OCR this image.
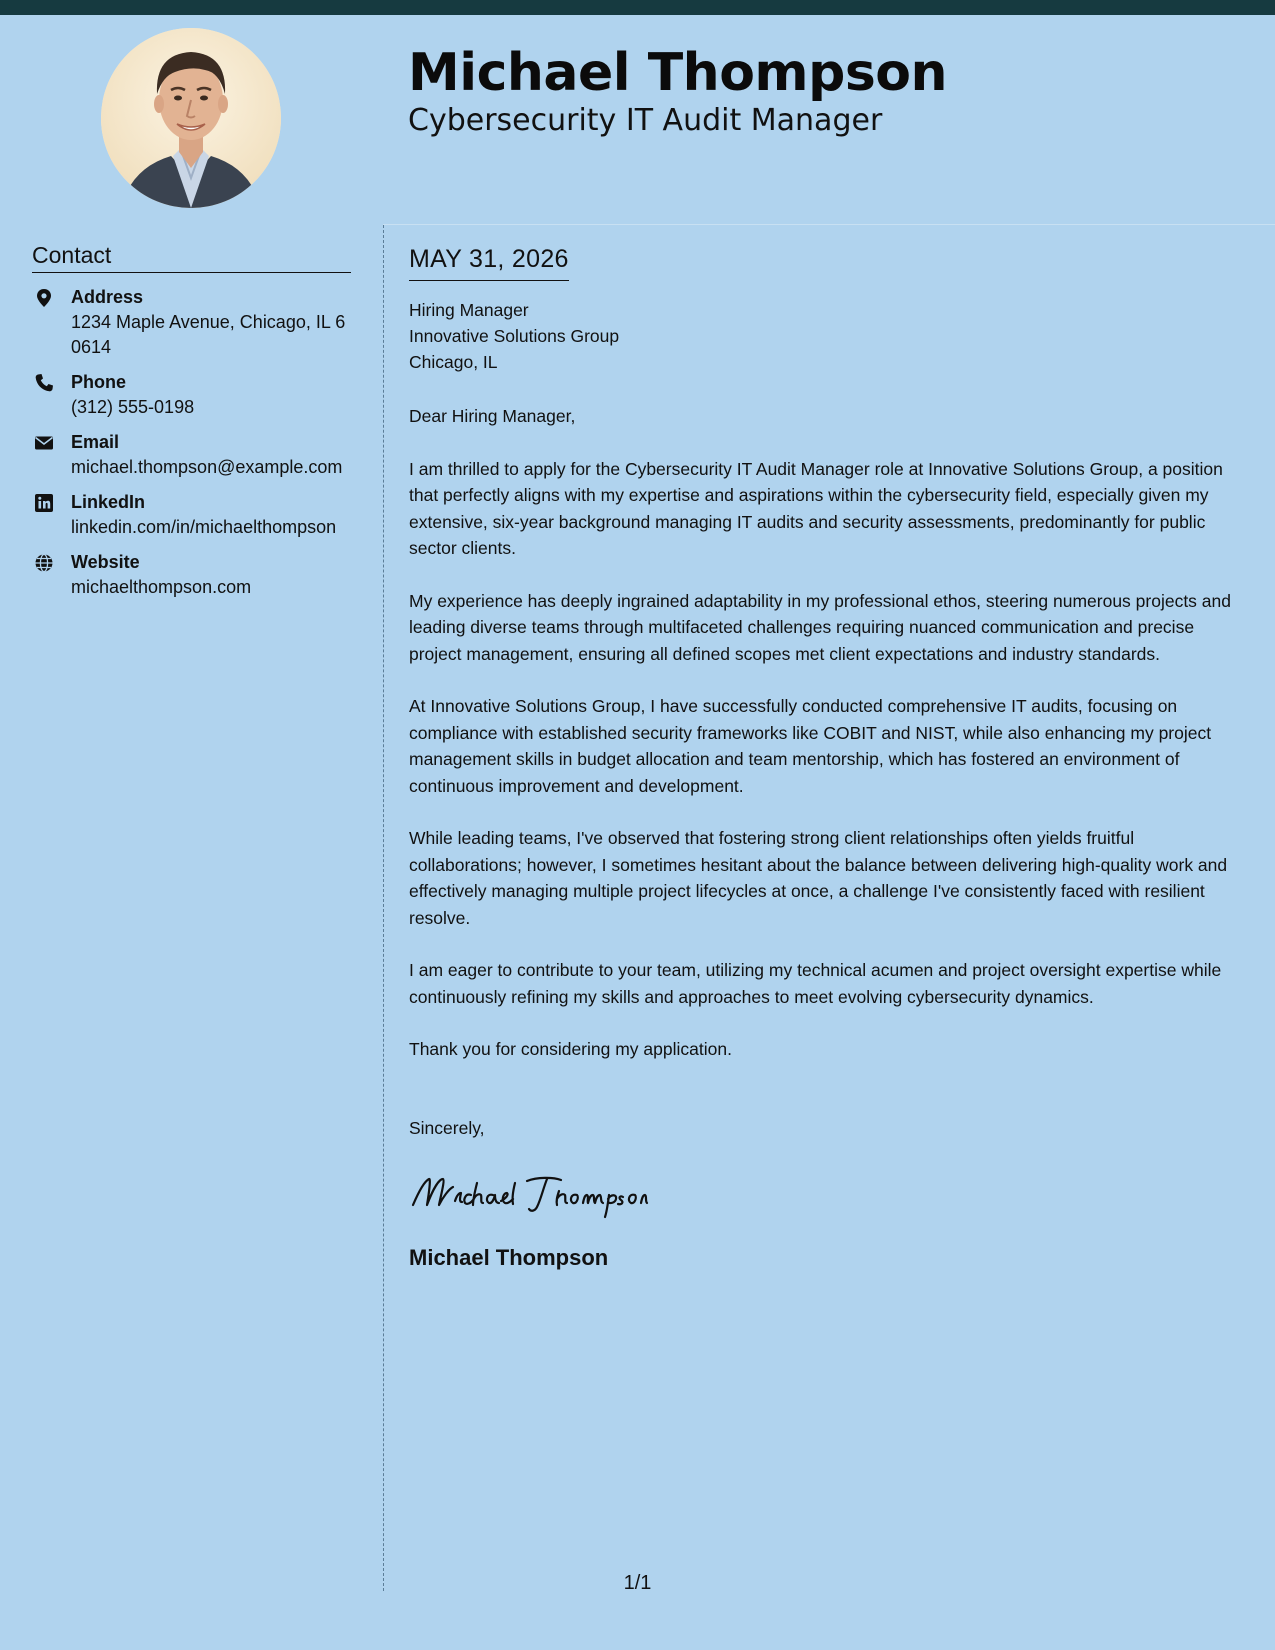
Michael Thompson
Cybersecurity IT Audit Manager
Contact
Address
1234 Maple Avenue, Chicago, IL 60614
Phone
(312) 555-0198
Email
michael.thompson@example.com
LinkedIn
linkedin.com/in/michaelthompson
Website
michaelthompson.com
MAY 31, 2026
Hiring Manager
Innovative Solutions Group
Chicago, IL
Dear Hiring Manager,

I am thrilled to apply for the Cybersecurity IT Audit Manager role at Innovative Solutions Group, a position that perfectly aligns with my expertise and aspirations within the cybersecurity field, especially given my extensive, six-year background managing IT audits and security assessments, predominantly for public sector clients.

My experience has deeply ingrained adaptability in my professional ethos, steering numerous projects and leading diverse teams through multifaceted challenges requiring nuanced communication and precise project management, ensuring all defined scopes met client expectations and industry standards.

At Innovative Solutions Group, I have successfully conducted comprehensive IT audits, focusing on compliance with established security frameworks like COBIT and NIST, while also enhancing my project management skills in budget allocation and team mentorship, which has fostered an environment of continuous improvement and development.

While leading teams, I've observed that fostering strong client relationships often yields fruitful collaborations; however, I sometimes hesitant about the balance between delivering high-quality work and effectively managing multiple project lifecycles at once, a challenge I've consistently faced with resilient resolve.

I am eager to contribute to your team, utilizing my technical acumen and project oversight expertise while continuously refining my skills and approaches to meet evolving cybersecurity dynamics.

Thank you for considering my application.

Sincerely,
Michael Thompson
1/1
